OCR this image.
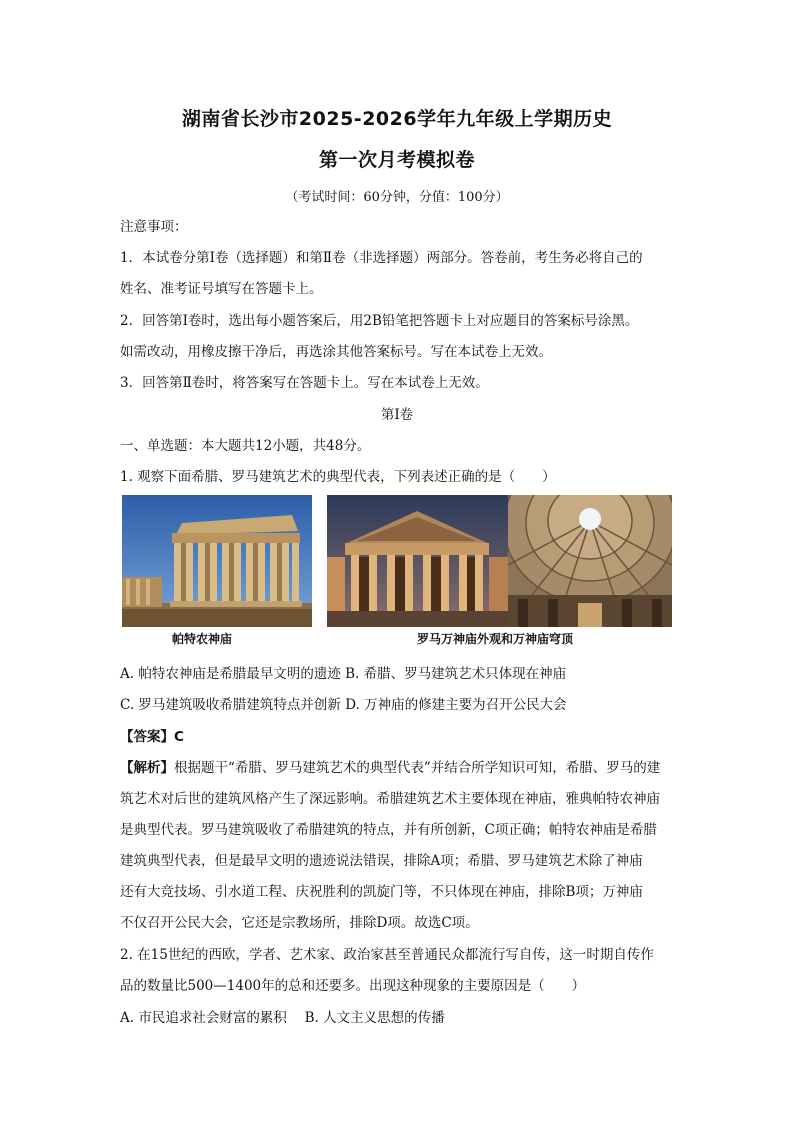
湖南省长沙市2025-2026学年九年级上学期历史
第一次月考模拟卷
（考试时间：60分钟，分值：100分）
注意事项：
1．本试卷分第Ⅰ卷（选择题）和第Ⅱ卷（非选择题）两部分。答卷前，考生务必将自己的
姓名、准考证号填写在答题卡上。
2．回答第Ⅰ卷时，选出每小题答案后，用2B铅笔把答题卡上对应题目的答案标号涂黑。
如需改动，用橡皮擦干净后，再选涂其他答案标号。写在本试卷上无效。
3．回答第Ⅱ卷时，将答案写在答题卡上。写在本试卷上无效。
第Ⅰ卷
一、单选题：本大题共12小题，共48分。
1. 观察下面希腊、罗马建筑艺术的典型代表，下列表述正确的是（　　）
帕特农神庙	罗马万神庙外观和万神庙穹顶
A. 帕特农神庙是希腊最早文明的遗迹 B. 希腊、罗马建筑艺术只体现在神庙
C. 罗马建筑吸收希腊建筑特点并创新 D. 万神庙的修建主要为召开公民大会
【答案】C
【解析】根据题干“希腊、罗马建筑艺术的典型代表”并结合所学知识可知，希腊、罗马的建
筑艺术对后世的建筑风格产生了深远影响。希腊建筑艺术主要体现在神庙，雅典帕特农神庙
是典型代表。罗马建筑吸收了希腊建筑的特点，并有所创新，C项正确；帕特农神庙是希腊
建筑典型代表，但是最早文明的遗迹说法错误，排除A项；希腊、罗马建筑艺术除了神庙
还有大竞技场、引水道工程、庆祝胜利的凯旋门等，不只体现在神庙，排除B项；万神庙
不仅召开公民大会，它还是宗教场所，排除D项。故选C项。
2. 在15世纪的西欧，学者、艺术家、政治家甚至普通民众都流行写自传，这一时期自传作
品的数量比500—1400年的总和还要多。出现这种现象的主要原因是（　　）
A. 市民追求社会财富的累积　 B. 人文主义思想的传播
